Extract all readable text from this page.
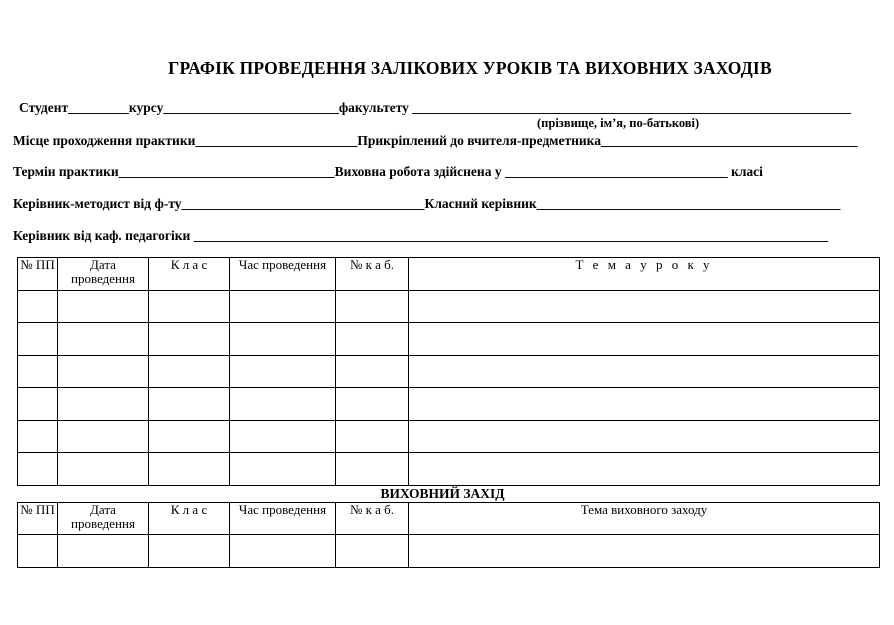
ГРАФІК ПРОВЕДЕННЯ ЗАЛІКОВИХ УРОКІВ ТА ВИХОВНИХ ЗАХОДІВ
Студент_________курсу__________________________факультету _________________________________________________________________
(прізвище, ім’я, по-батькові)
Місце проходження практики________________________Прикріплений до вчителя-предметника______________________________________
Термін практики________________________________Виховна робота здійснена у _________________________________ класі
Керівник-методист від ф-ту____________________________________Класний керівник_____________________________________________
Керівник від каф. педагогіки ______________________________________________________________________________________________
№ ПП	Дата проведення	К л а с	Час проведення	№ к а б.	Т е м а у р о к у

ВИХОВНИЙ ЗАХІД
№ ПП	Дата проведення	К л а с	Час проведення	№ к а б.	Тема виховного заходу
